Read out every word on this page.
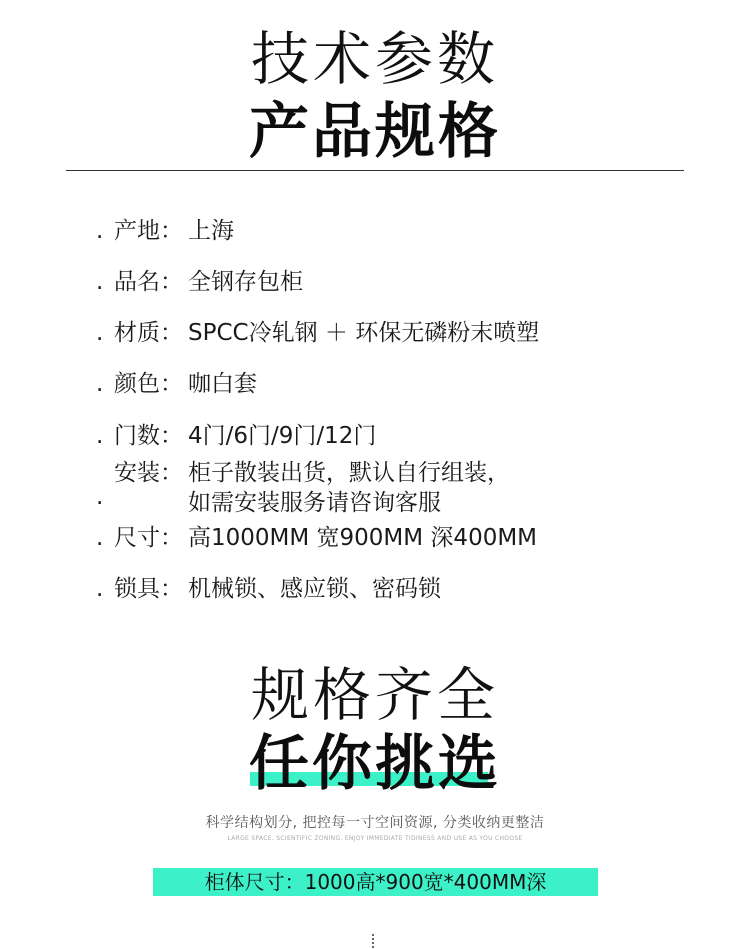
技术参数
产品规格
. 产地： 上海
. 品名： 全钢存包柜
. 材质： SPCC冷轧钢 ＋ 环保无磷粉末喷塑
. 颜色： 咖白套
. 门数： 4门/6门/9门/12门
.
安装： 柜子散装出货，默认自行组装，
如需安装服务请咨询客服
. 尺寸： 高1000MM 宽900MM 深400MM
. 锁具： 机械锁、感应锁、密码锁
规格齐全
任你挑选
科学结构划分, 把控每一寸空间资源, 分类收纳更整洁
LARGE SPACE, SCIENTIFIC ZONING, ENJOY IMMEDIATE TIDINESS AND USE AS YOU CHOOSE
柜体尺寸：1000高*900宽*400MM深
